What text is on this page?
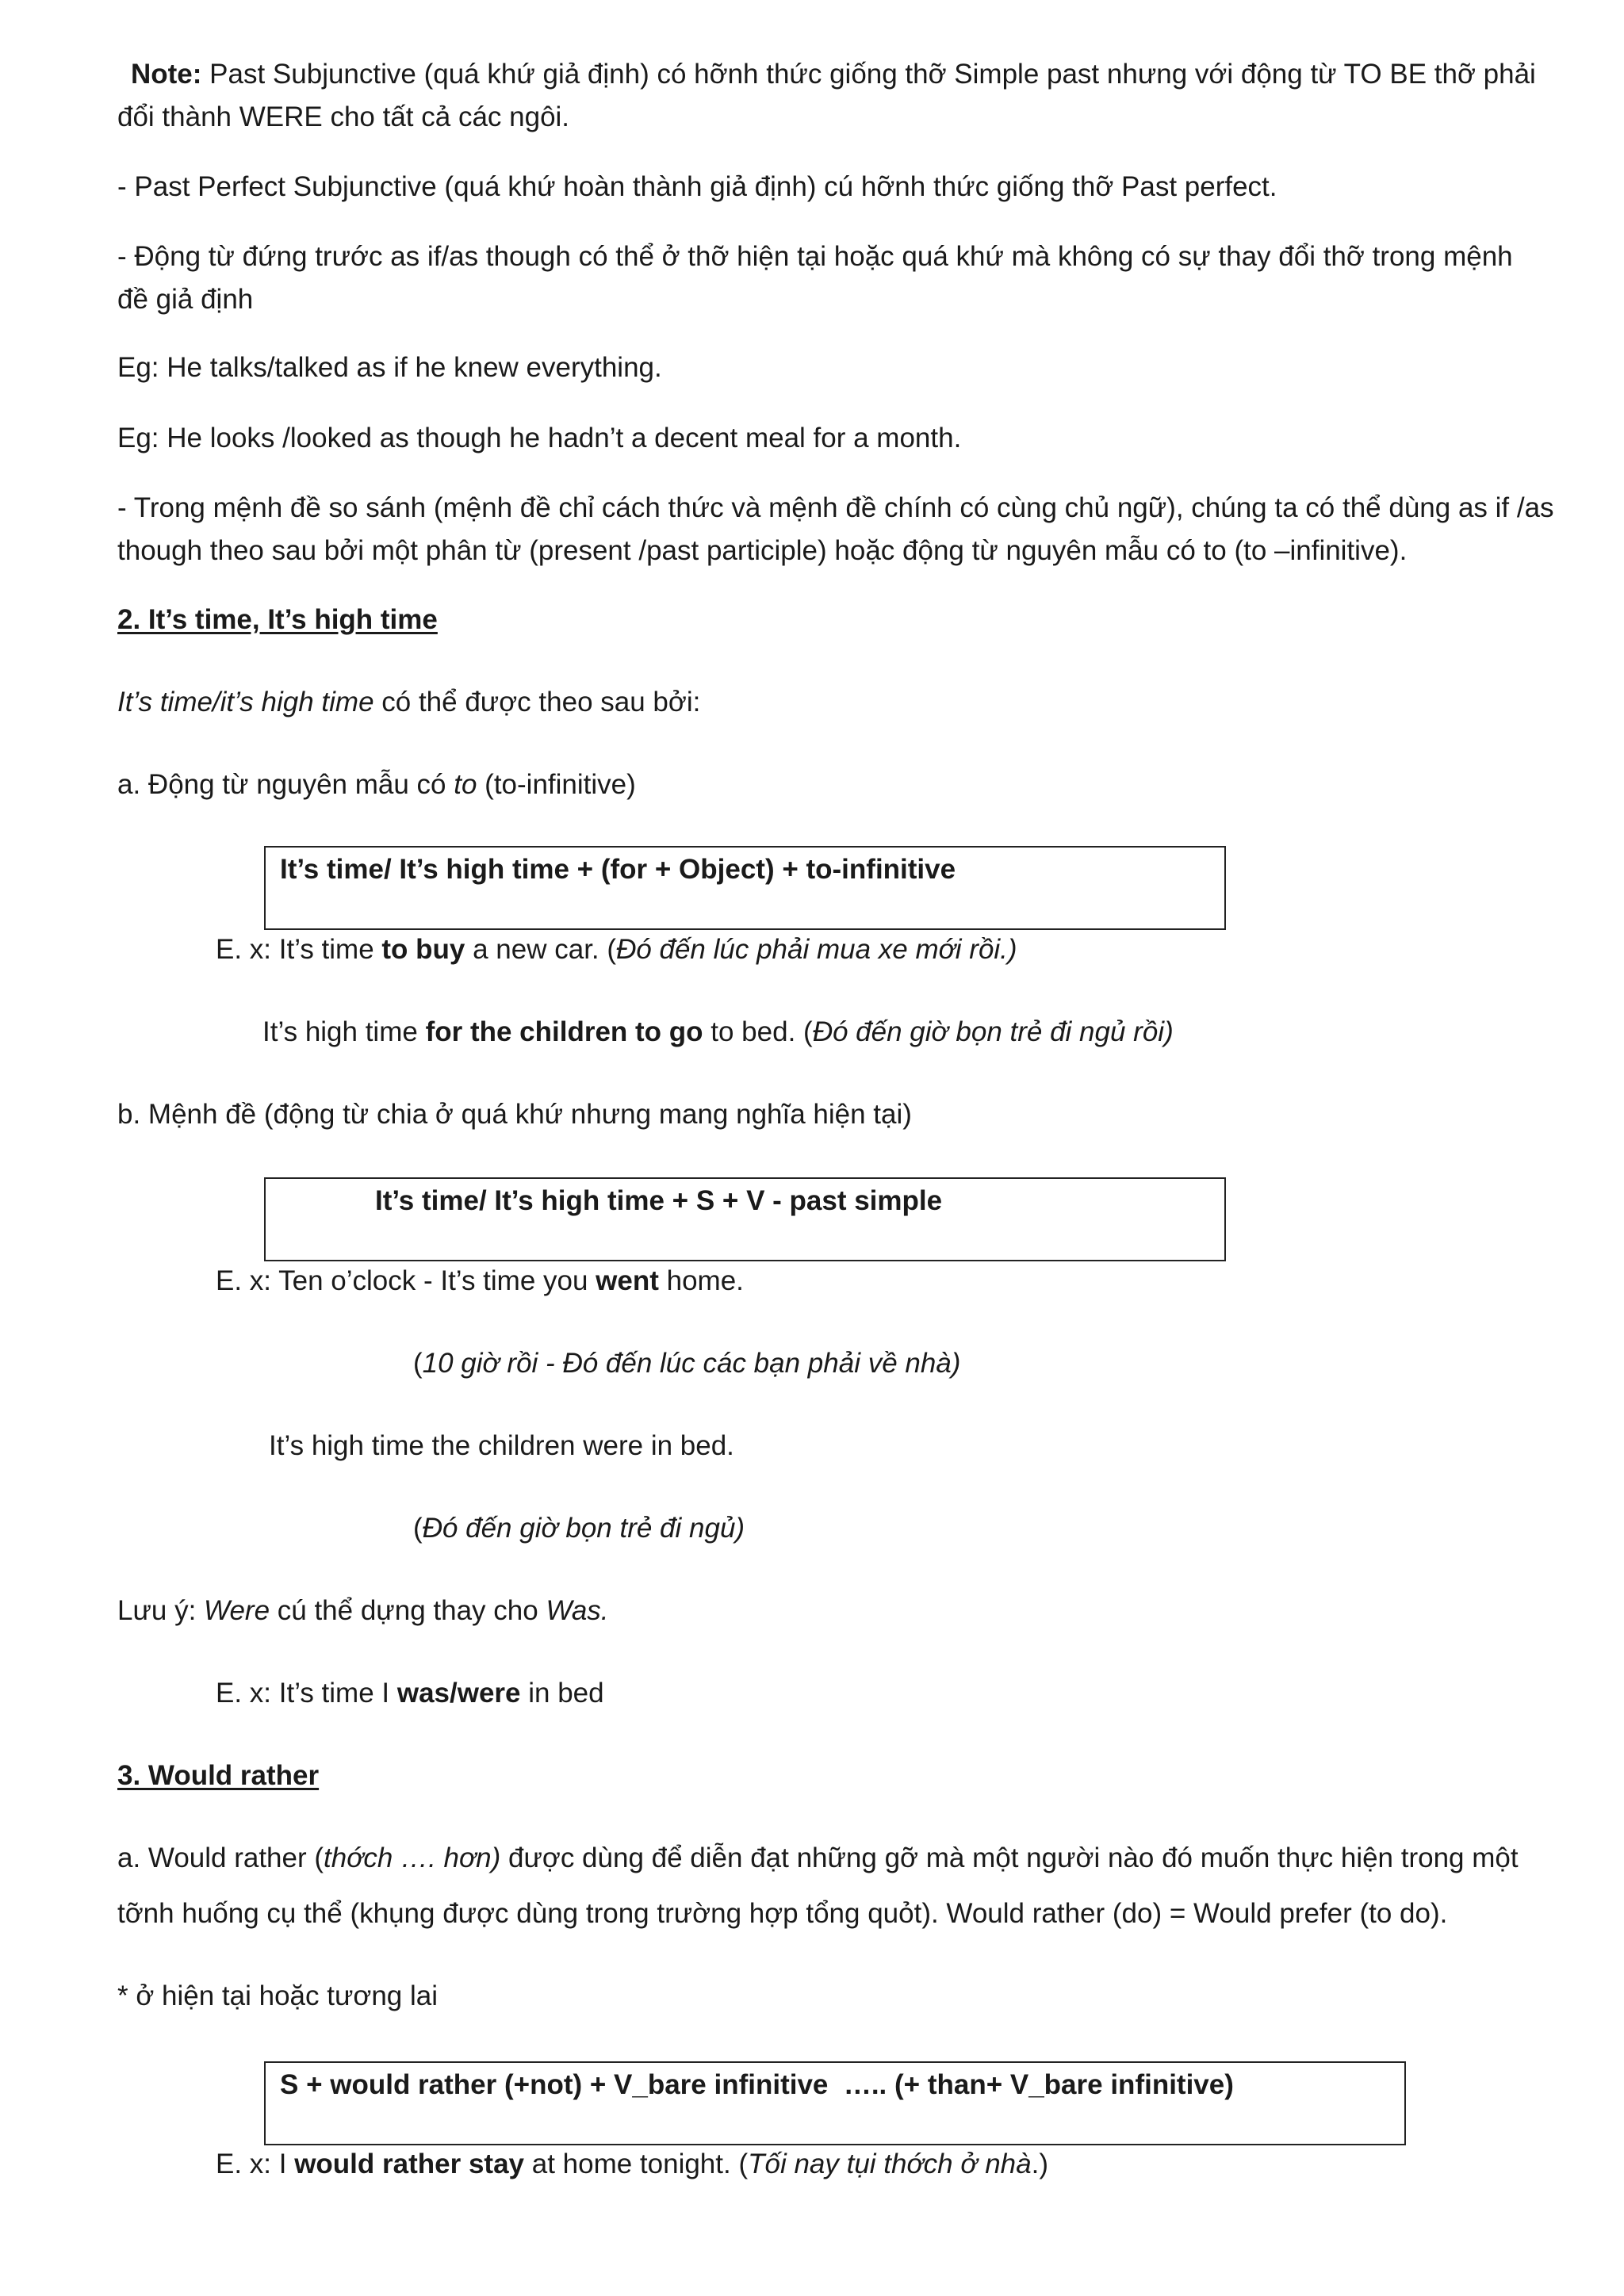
Note: Past Subjunctive (quá khứ giả định) có hỡnh thức giống thỡ Simple past nhưng với động từ TO BE thỡ phải
đổi thành WERE cho tất cả các ngôi.
- Past Perfect Subjunctive (quá khứ hoàn thành giả định) cú hỡnh thức giống thỡ Past perfect.
- Động từ đứng trước as if/as though có thể ở thỡ hiện tại hoặc quá khứ mà không có sự thay đổi thỡ trong mệnh
đề giả định
Eg: He talks/talked as if he knew everything.
Eg: He looks /looked as though he hadn’t a decent meal for a month.
- Trong mệnh đề so sánh (mệnh đề chỉ cách thức và mệnh đề chính có cùng chủ ngữ), chúng ta có thể dùng as if /as
though theo sau bởi một phân từ (present /past participle) hoặc động từ nguyên mẫu có to (to –infinitive).
2. It’s time, It’s high time
It’s time/it’s high time có thể được theo sau bởi:
a. Động từ nguyên mẫu có to (to-infinitive)
It’s time/ It’s high time + (for + Object) + to-infinitive
E. x: It’s time to buy a new car. (Đó đến lúc phải mua xe mới rồi.)
It’s high time for the children to go to bed. (Đó đến giờ bọn trẻ đi ngủ rồi)
b. Mệnh đề (động từ chia ở quá khứ nhưng mang nghĩa hiện tại)
It’s time/ It’s high time + S + V - past simple
E. x: Ten o’clock - It’s time you went home.
(10 giờ rồi - Đó đến lúc các bạn phải về nhà)
It’s high time the children were in bed.
(Đó đến giờ bọn trẻ đi ngủ)
Lưu ý: Were cú thể dựng thay cho Was.
E. x: It’s time I was/were in bed
3. Would rather
a. Would rather (thớch …. hơn) được dùng để diễn đạt những gỡ mà một người nào đó muốn thực hiện trong một
tỡnh huống cụ thể (khụng được dùng trong trường hợp tổng quỏt). Would rather (do) = Would prefer (to do).
* ở hiện tại hoặc tương lai
S + would rather (+not) + V_bare infinitive  ….. (+ than+ V_bare infinitive)
E. x: I would rather stay at home tonight. (Tối nay tụi thớch ở nhà.)
